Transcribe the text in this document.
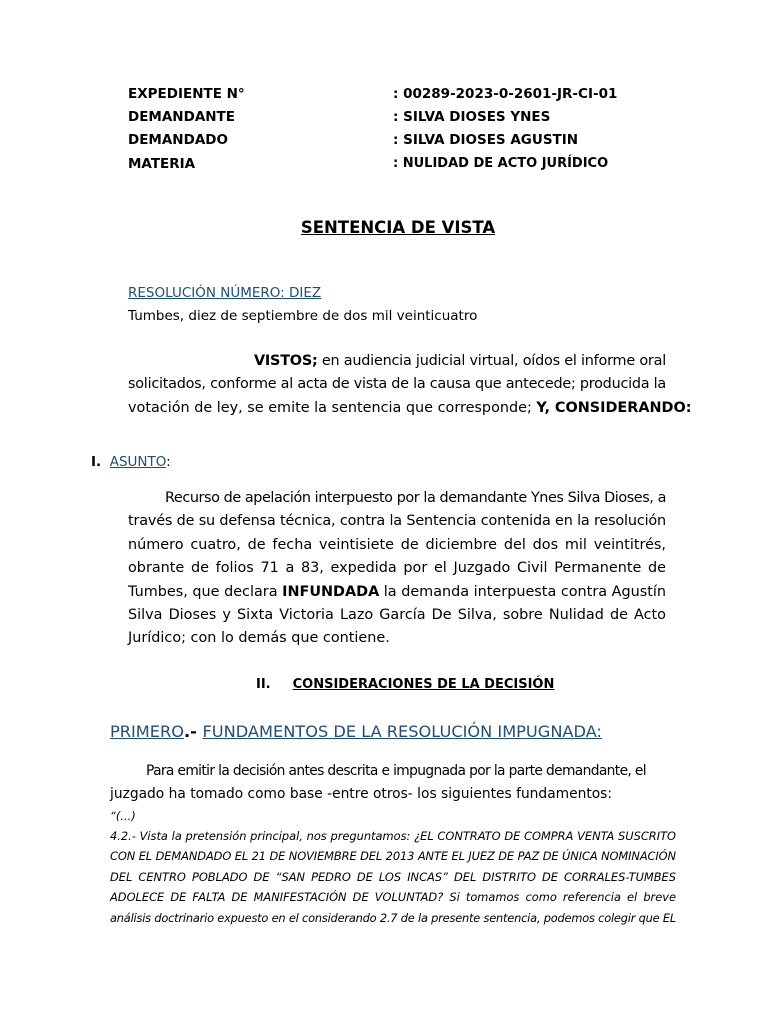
EXPEDIENTE N°	: 00289-2023-0-2601-JR-CI-01
DEMANDANTE	: SILVA DIOSES YNES
DEMANDADO	: SILVA DIOSES AGUSTIN
MATERIA	: NULIDAD DE ACTO JURÍDICO
SENTENCIA DE VISTA
RESOLUCIÓN NÚMERO: DIEZ
Tumbes, diez de septiembre de dos mil veinticuatro
VISTOS; en audiencia judicial virtual, oídos el informe oral
solicitados, conforme al acta de vista de la causa que antecede; producida la
votación de ley, se emite la sentencia que corresponde; Y, CONSIDERANDO:
I. ASUNTO:
Recurso de apelación interpuesto por la demandante Ynes Silva Dioses, a
través de su defensa técnica, contra la Sentencia contenida en la resolución
número cuatro, de fecha veintisiete de diciembre del dos mil veintitrés,
obrante de folios 71 a 83, expedida por el Juzgado Civil Permanente de
Tumbes, que declara INFUNDADA la demanda interpuesta contra Agustín
Silva Dioses y Sixta Victoria Lazo García De Silva, sobre Nulidad de Acto
Jurídico; con lo demás que contiene.
II. CONSIDERACIONES DE LA DECISIÓN
PRIMERO.- FUNDAMENTOS DE LA RESOLUCIÓN IMPUGNADA:
Para emitir la decisión antes descrita e impugnada por la parte demandante, el
juzgado ha tomado como base -entre otros- los siguientes fundamentos:
“(...)
4.2.- Vista la pretensión principal, nos preguntamos: ¿EL CONTRATO DE COMPRA VENTA SUSCRITO
CON EL DEMANDADO EL 21 DE NOVIEMBRE DEL 2013 ANTE EL JUEZ DE PAZ DE ÚNICA NOMINACIÓN
DEL CENTRO POBLADO DE “SAN PEDRO DE LOS INCAS” DEL DISTRITO DE CORRALES-TUMBES
ADOLECE DE FALTA DE MANIFESTACIÓN DE VOLUNTAD? Si tomamos como referencia el breve
análisis doctrinario expuesto en el considerando 2.7 de la presente sentencia, podemos colegir que EL
